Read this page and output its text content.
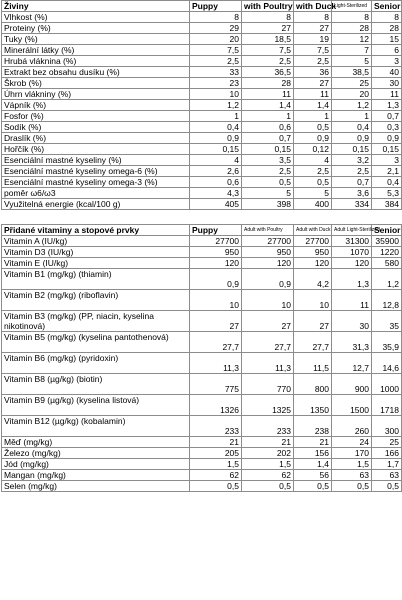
Živiny	Puppy	with Poultry	with Duck	Light-Sterilized	Senior
Vlhkost (%)	8	8	8	8	8
Proteiny (%)	29	27	27	28	28
Tuky (%)	20	18,5	19	12	15
Minerální látky (%)	7,5	7,5	7,5	7	6
Hrubá vláknina (%)	2,5	2,5	2,5	5	3
Extrakt bez obsahu dusíku (%)	33	36,5	36	38,5	40
Škrob (%)	23	28	27	25	30
Úhrn vlákniny (%)	10	11	11	20	11
Vápník (%)	1,2	1,4	1,4	1,2	1,3
Fosfor (%)	1	1	1	1	0,7
Sodík (%)	0,4	0,6	0,5	0,4	0,3
Draslík (%)	0,9	0,7	0,9	0,9	0,9
Hořčík (%)	0,15	0,15	0,12	0,15	0,15
Esenciální mastné kyseliny (%)	4	3,5	4	3,2	3
Esenciální mastné kyseliny omega-6 (%)	2,6	2,5	2,5	2,5	2,1
Esenciální mastné kyseliny omega-3 (%)	0,6	0,5	0,5	0,7	0,4
poměr ω6/ω3	4,3	5	5	3,6	5,3
Využitelná energie (kcal/100 g)	405	398	400	334	384
Přidané vitaminy a stopové prvky	Puppy	Adult with Poultry	Adult with Duck	Adult Light-Sterilized	Senior
Vitamin A (IU/kg)	27700	27700	27700	31300	35900
Vitamin D3 (IU/kg)	950	950	950	1070	1220
Vitamin E (IU/kg)	120	120	120	120	580
Vitamin B1 (mg/kg) (thiamin)	0,9	0,9	4,2	1,3	1,2
Vitamin B2 (mg/kg) (riboflavin)	10	10	10	11	12,8
Vitamin B3 (mg/kg) (PP, niacin, kyselina nikotinová)	27	27	27	30	35
Vitamin B5 (mg/kg) (kyselina pantothenová)	27,7	27,7	27,7	31,3	35,9
Vitamin B6 (mg/kg) (pyridoxin)	11,3	11,3	11,5	12,7	14,6
Vitamin B8 (µg/kg) (biotin)	775	770	800	900	1000
Vitamin B9 (µg/kg) (kyselina listová)	1326	1325	1350	1500	1718
Vitamin B12 (µg/kg) (kobalamin)	233	233	238	260	300
Měď (mg/kg)	21	21	21	24	25
Železo (mg/kg)	205	202	156	170	166
Jód (mg/kg)	1,5	1,5	1,4	1,5	1,7
Mangan (mg/kg)	62	62	56	63	63
Selen (mg/kg)	0,5	0,5	0,5	0,5	0,5
